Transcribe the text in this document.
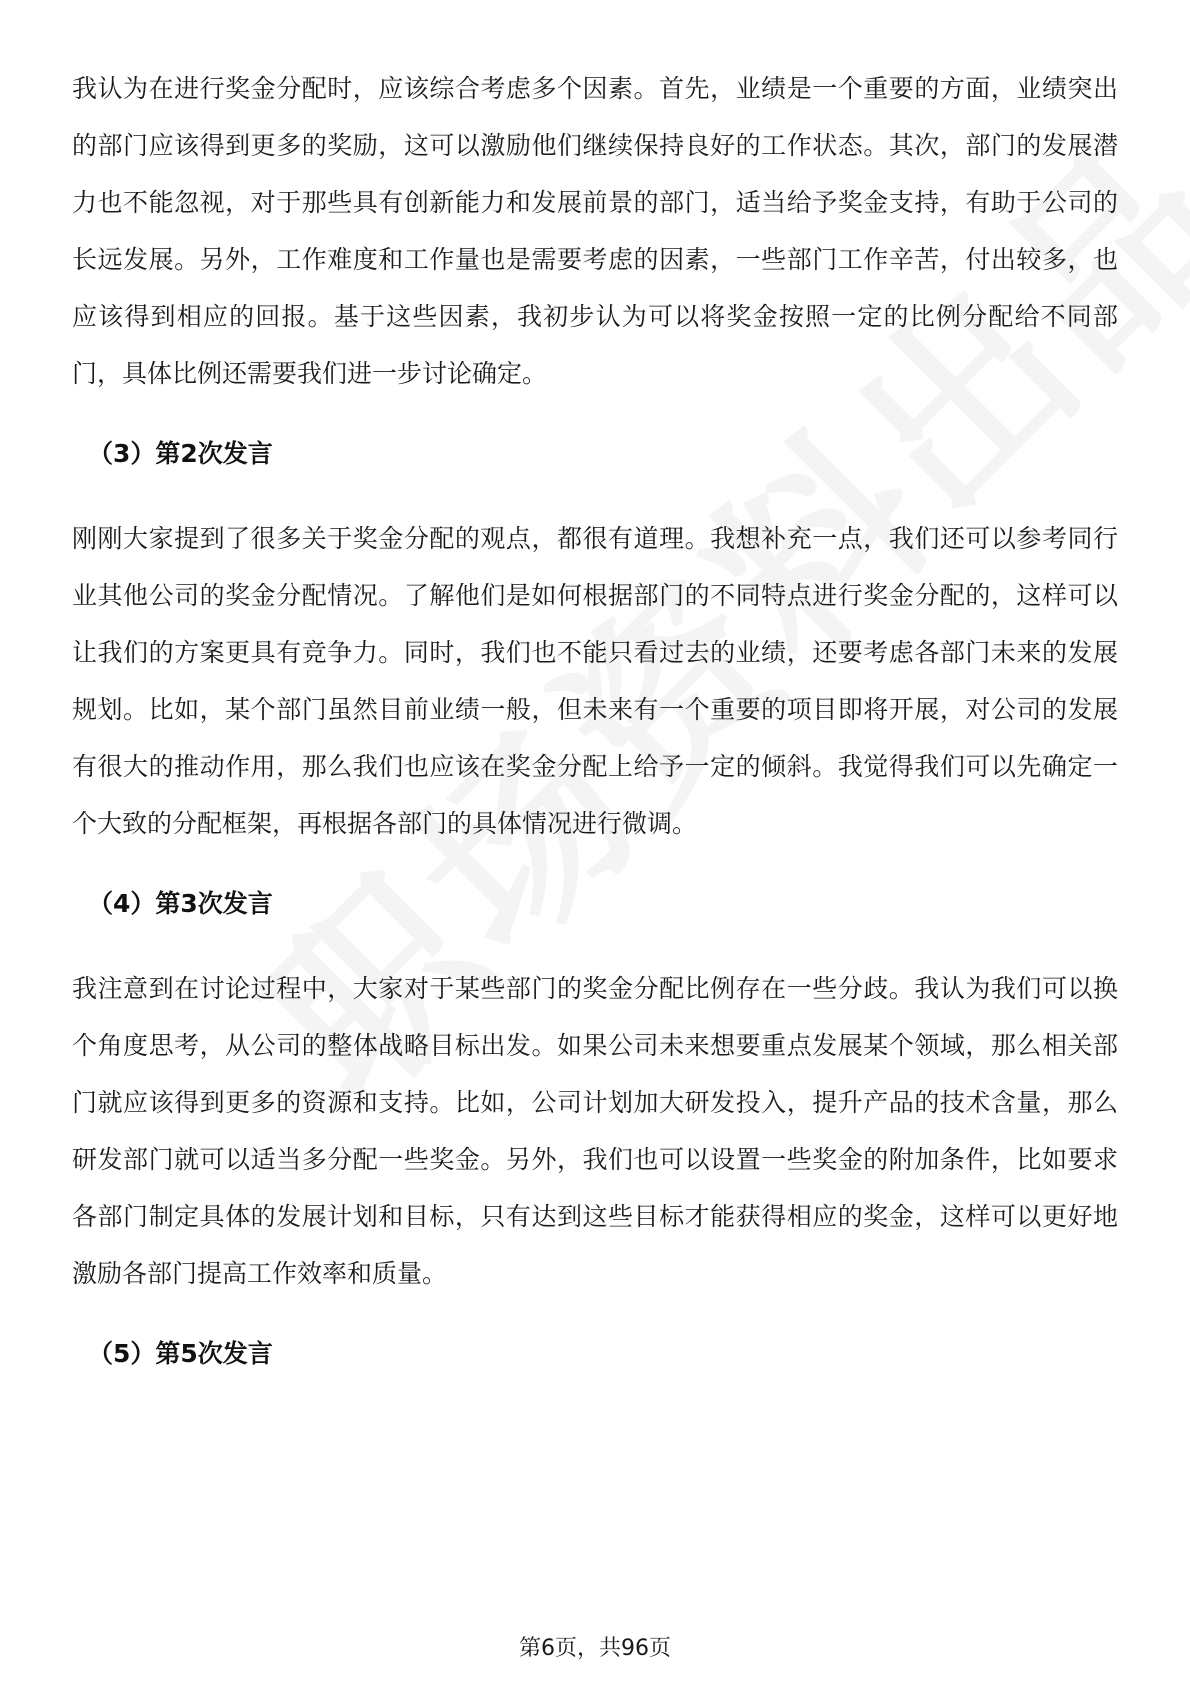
我认为在进行奖金分配时，应该综合考虑多个因素。首先，业绩是一个重要的方面，业绩突出的部门应该得到更多的奖励，这可以激励他们继续保持良好的工作状态。其次，部门的发展潜力也不能忽视，对于那些具有创新能力和发展前景的部门，适当给予奖金支持，有助于公司的长远发展。另外，工作难度和工作量也是需要考虑的因素，一些部门工作辛苦，付出较多，也应该得到相应的回报。基于这些因素，我初步认为可以将奖金按照一定的比例分配给不同部门，具体比例还需要我们进一步讨论确定。

（3）第2次发言

刚刚大家提到了很多关于奖金分配的观点，都很有道理。我想补充一点，我们还可以参考同行业其他公司的奖金分配情况。了解他们是如何根据部门的不同特点进行奖金分配的，这样可以让我们的方案更具有竞争力。同时，我们也不能只看过去的业绩，还要考虑各部门未来的发展规划。比如，某个部门虽然目前业绩一般，但未来有一个重要的项目即将开展，对公司的发展有很大的推动作用，那么我们也应该在奖金分配上给予一定的倾斜。我觉得我们可以先确定一个大致的分配框架，再根据各部门的具体情况进行微调。

（4）第3次发言

我注意到在讨论过程中，大家对于某些部门的奖金分配比例存在一些分歧。我认为我们可以换个角度思考，从公司的整体战略目标出发。如果公司未来想要重点发展某个领域，那么相关部门就应该得到更多的资源和支持。比如，公司计划加大研发投入，提升产品的技术含量，那么研发部门就可以适当多分配一些奖金。另外，我们也可以设置一些奖金的附加条件，比如要求各部门制定具体的发展计划和目标，只有达到这些目标才能获得相应的奖金，这样可以更好地激励各部门提高工作效率和质量。

（5）第5次发言

第6页，共96页
